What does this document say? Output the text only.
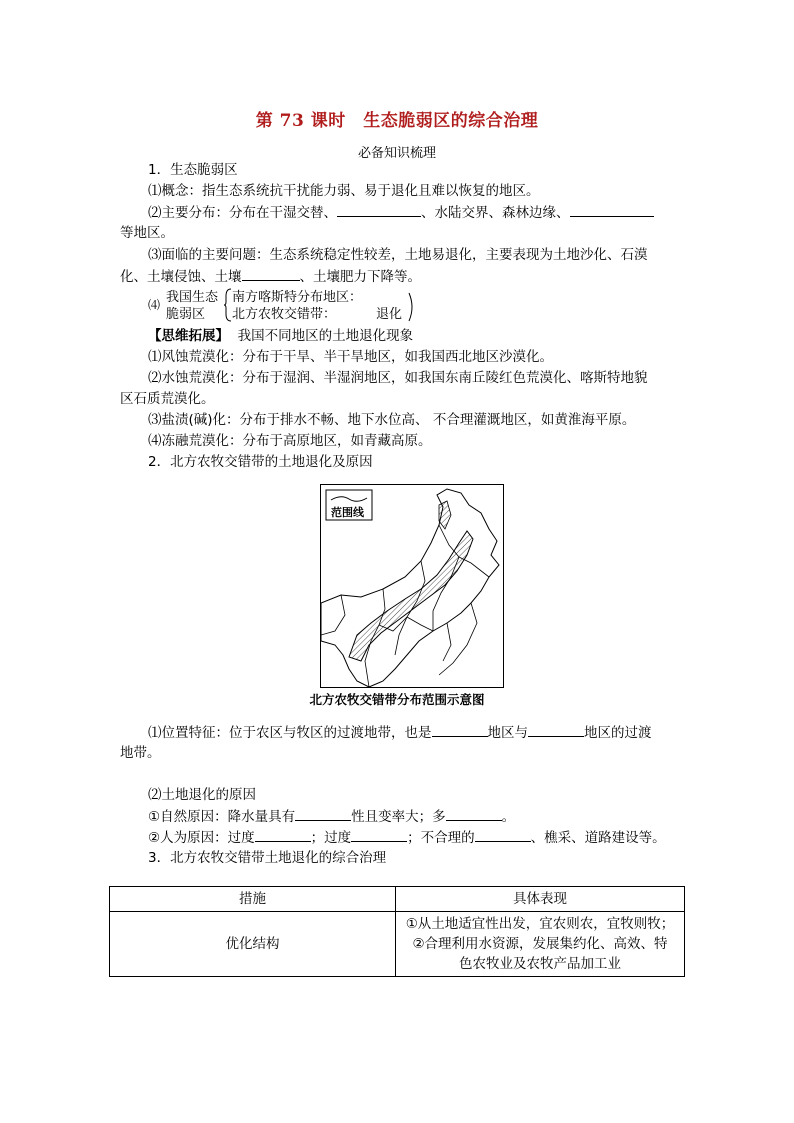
第 73 课时　生态脆弱区的综合治理
必备知识梳理
1．生态脆弱区
⑴概念：指生态系统抗干扰能力弱、易于退化且难以恢复的地区。
⑵主要分布：分布在干湿交替、	、水陆交界、森林边缘、
等地区。
⑶面临的主要问题：生态系统稳定性较差，土地易退化，主要表现为土地沙化、石漠
化、土壤侵蚀、土壤	、土壤肥力下降等。
⑷ 我国生态
脆弱区
南方喀斯特分布地区：
北方农牧交错带：	退化
【思维拓展】 我国不同地区的土地退化现象
⑴风蚀荒漠化：分布于干旱、半干旱地区，如我国西北地区沙漠化。
⑵水蚀荒漠化：分布于湿润、半湿润地区，如我国东南丘陵红色荒漠化、喀斯特地貌
区石质荒漠化。
⑶盐渍(碱)化：分布于排水不畅、地下水位高、 不合理灌溉地区，如黄淮海平原。
⑷冻融荒漠化：分布于高原地区，如青藏高原。
2．北方农牧交错带的土地退化及原因
范围线
北方农牧交错带分布范围示意图
⑴位置特征：位于农区与牧区的过渡地带，也是	地区与	地区的过渡
地带。
⑵土地退化的原因
①自然原因：降水量具有	性且变率大；多	。
②人为原因：过度	；过度	；不合理的	、樵采、道路建设等。
3．北方农牧交错带土地退化的综合治理
措施	具体表现
优化结构	①从土地适宜性出发，宜农则农，宜牧则牧；
②合理利用水资源，发展集约化、高效、特
色农牧业及农牧产品加工业
